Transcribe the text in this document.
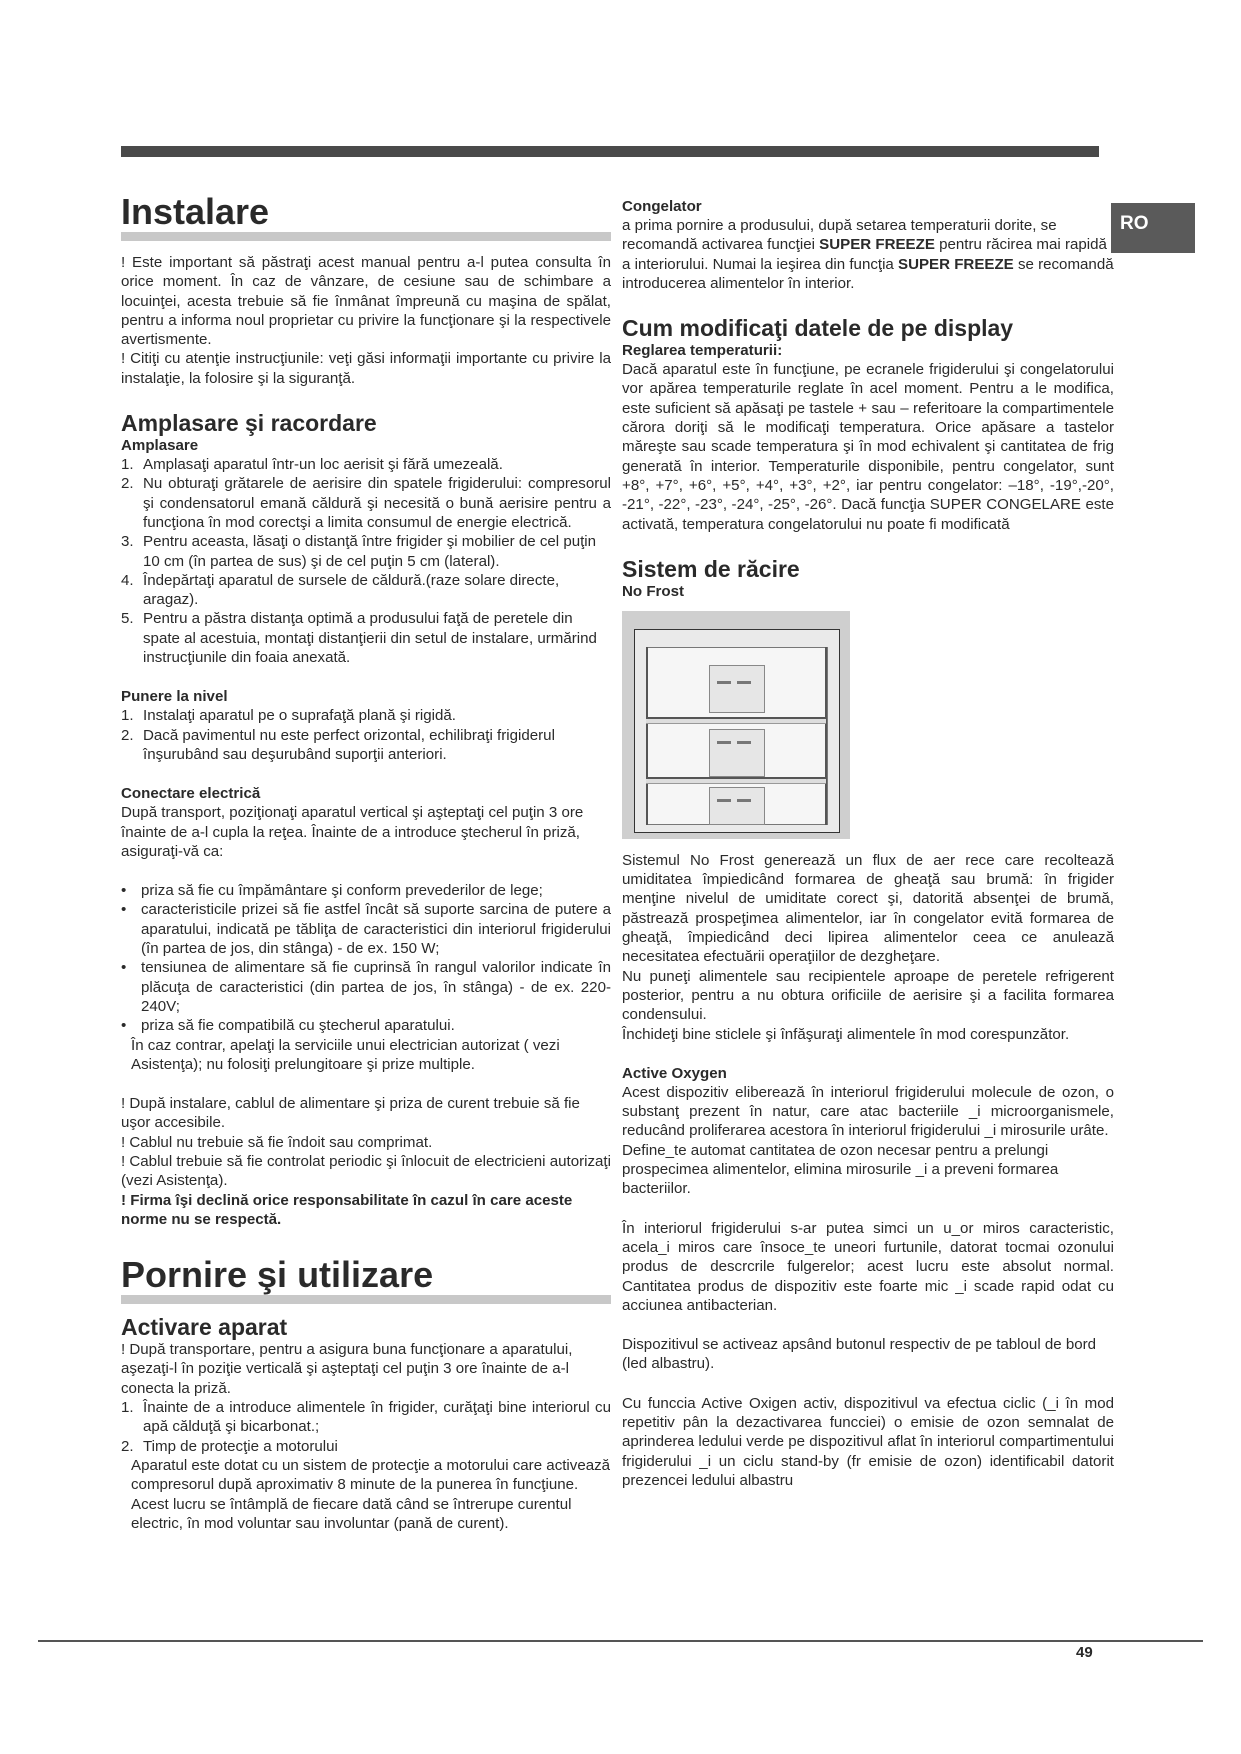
RO
Instalare

! Este important să păstraţi acest manual pentru a-l putea consulta în orice moment. În caz de vânzare, de cesiune sau de schimbare a locuinţei, acesta trebuie să fie înmânat împreună cu maşina de spălat, pentru a informa noul proprietar cu privire la funcţionare şi la respectivele avertismente.

! Citiţi cu atenţie instrucţiunile: veţi găsi informaţii importante cu privire la instalaţie, la folosire şi la siguranţă.

Amplasare şi racordare
Amplasare
1. Amplasaţi aparatul într-un loc aerisit şi fără umezeală.
2. Nu obturaţi grătarele de aerisire din spatele frigiderului: compresorul şi condensatorul emană căldură şi necesită o bună aerisire pentru a funcţiona în mod corectşi a limita consumul de energie electrică.
3. Pentru aceasta, lăsaţi o distanţă între frigider şi mobilier de cel puţin 10 cm (în partea de sus) şi de cel puţin 5 cm (lateral).
4. Îndepărtaţi aparatul de sursele de căldură.(raze solare directe, aragaz).
5. Pentru a păstra distanţa optimă a produsului faţă de peretele din spate al acestuia, montaţi distanţierii din setul de instalare, urmărind instrucţiunile din foaia anexată.
Punere la nivel
1. Instalaţi aparatul pe o suprafaţă plană şi rigidă.
2. Dacă pavimentul nu este perfect orizontal, echilibraţi frigiderul înşurubând sau deşurubând suporţii anteriori.
Conectare electrică

După transport, poziţionaţi aparatul vertical şi aşteptaţi cel puţin 3 ore înainte de a-l cupla la reţea. Înainte de a introduce ştecherul în priză, asiguraţi-vă ca:

• priza să fie cu împământare şi conform prevederilor de lege;
• caracteristicile prizei să fie astfel încât să suporte sarcina de putere a aparatului, indicată pe tăbliţa de caracteristici din interiorul frigiderului (în partea de jos, din stânga) - de ex. 150 W;
• tensiunea de alimentare să fie cuprinsă în rangul valorilor indicate în plăcuţa de caracteristici (din partea de jos, în stânga) - de ex. 220-240V;
• priza să fie compatibilă cu ştecherul aparatului.

În caz contrar, apelaţi la serviciile unui electrician autorizat ( vezi Asistenţa); nu folosiţi prelungitoare şi prize multiple.

! După instalare, cablul de alimentare şi priza de curent trebuie să fie uşor accesibile.

! Cablul nu trebuie să fie îndoit sau comprimat.

! Cablul trebuie să fie controlat periodic şi înlocuit de electricieni autorizaţi (vezi Asistenţa).

! Firma îşi declină orice responsabilitate în cazul în care aceste norme nu se respectă.

Pornire şi utilizare
Activare aparat

! După transportare, pentru a asigura buna funcţionare a aparatului, aşezaţi-l în poziţie verticală şi aşteptaţi cel puţin 3 ore înainte de a-l conecta la priză.

1. Înainte de a introduce alimentele în frigider, curăţaţi bine interiorul cu apă călduţă şi bicarbonat.;
2. Timp de protecţie a motorului

Aparatul este dotat cu un sistem de protecţie a motorului care activează compresorul după aproximativ 8 minute de la punerea în funcţiune. Acest lucru se întâmplă de fiecare dată când se întrerupe curentul electric, în mod voluntar sau involuntar (pană de curent).

Congelator

a prima pornire a produsului, după setarea temperaturii dorite, se recomandă activarea funcţiei SUPER FREEZE pentru răcirea mai rapidă a interiorului. Numai la ieşirea din funcţia SUPER FREEZE se recomandă introducerea alimentelor în interior.

Cum modificaţi datele de pe display
Reglarea temperaturii:

Dacă aparatul este în funcţiune, pe ecranele frigiderului şi congelatorului vor apărea temperaturile reglate în acel moment. Pentru a le modifica, este suficient să apăsaţi pe tastele + sau – referitoare la compartimentele cărora doriţi să le modificaţi temperatura. Orice apăsare a tastelor măreşte sau scade temperatura şi în mod echivalent şi cantitatea de frig generată în interior. Temperaturile disponibile, pentru congelator, sunt +8°, +7°, +6°, +5°, +4°, +3°, +2°, iar pentru congelator: –18°, -19°,-20°, -21°, -22°, -23°, -24°, -25°, -26°. Dacă funcţia SUPER CONGELARE este activată, temperatura congelatorului nu poate fi modificată

Sistem de răcire
No Frost

Sistemul No Frost generează un flux de aer rece care recoltează umiditatea împiedicând formarea de gheaţă sau brumă: în frigider menţine nivelul de umiditate corect şi, datorită absenţei de brumă, păstrează prospeţimea alimentelor, iar în congelator evită formarea de gheaţă, împiedicând deci lipirea alimentelor ceea ce anulează necesitatea efectuării operaţiilor de dezgheţare.

Nu puneţi alimentele sau recipientele aproape de peretele refrigerent posterior, pentru a nu obtura orificiile de aerisire şi a facilita formarea condensului.

Închideţi bine sticlele şi înfăşuraţi alimentele în mod corespunzător.

Active Oxygen

Acest dispozitiv eliberează în interiorul frigiderului molecule de ozon, o substanţ prezent în natur, care atac bacteriile _i microorganismele, reducând proliferarea acestora în interiorul frigiderului _i mirosurile urâte.

Define_te automat cantitatea de ozon necesar pentru a prelungi prospecimea alimentelor, elimina mirosurile _i a preveni formarea bacteriilor.

În interiorul frigiderului s-ar putea simci un u_or miros caracteristic, acela_i miros care însoce_te uneori furtunile, datorat tocmai ozonului produs de descrcrile fulgerelor; acest lucru este absolut normal. Cantitatea produs de dispozitiv este foarte mic _i scade rapid odat cu acciunea antibacterian.

Dispozitivul se activeaz apsând butonul respectiv de pe tabloul de bord (led albastru).

Cu funccia Active Oxigen activ, dispozitivul va efectua ciclic (_i în mod repetitiv pân la dezactivarea funcciei) o emisie de ozon semnalat de aprinderea ledului verde pe dispozitivul aflat în interiorul compartimentului frigiderului _i un ciclu stand-by (fr emisie de ozon) identificabil datorit prezencei ledului albastru

49
